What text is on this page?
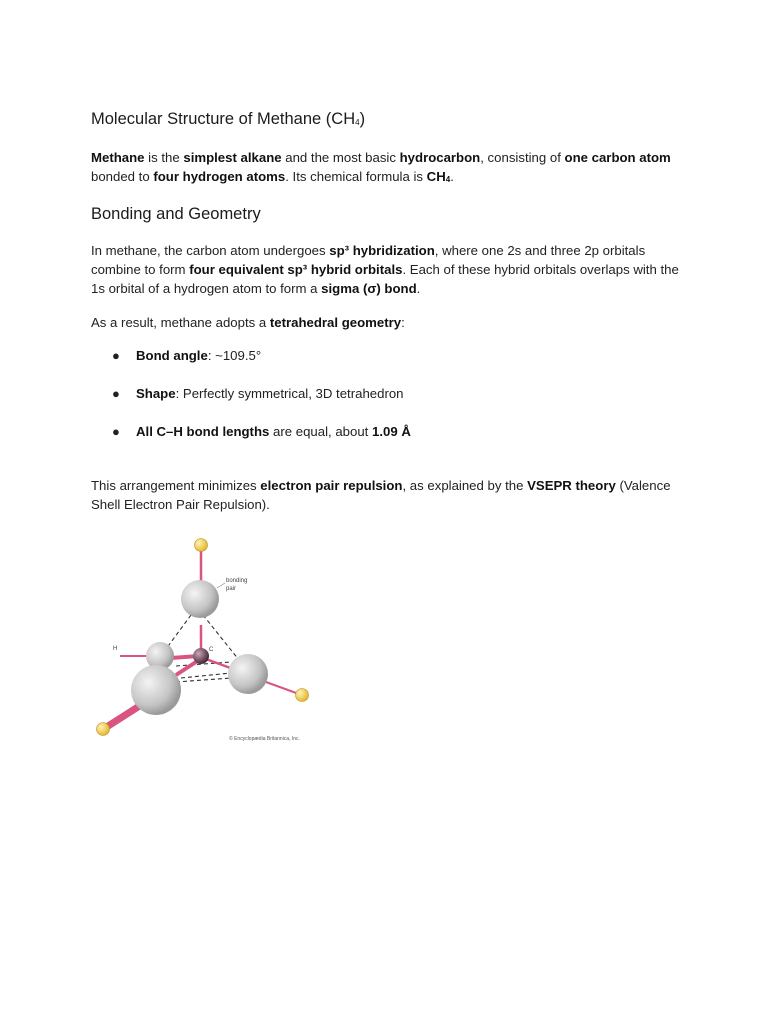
Molecular Structure of Methane $(CH_4)$

Methane is the simplest alkane and the most basic hydrocarbon, consisting of one carbon atom bonded to four hydrogen atoms. Its chemical formula is $CH_4$.

Bonding and Geometry

In methane, the carbon atom undergoes sp³ hybridization, where one 2s and three 2p orbitals combine to form four equivalent sp³ hybrid orbitals. Each of these hybrid orbitals overlaps with the 1s orbital of a hydrogen atom to form a sigma (σ) bond.

As a result, methane adopts a tetrahedral geometry:

● Bond angle: ~109.5°
● Shape: Perfectly symmetrical, 3D tetrahedron
● All C–H bond lengths are equal, about 1.09 Å

This arrangement minimizes electron pair repulsion, as explained by the VSEPR theory (Valence Shell Electron Pair Repulsion).

bonding
pair
H	C
© Encyclopædia Britannica, Inc.
